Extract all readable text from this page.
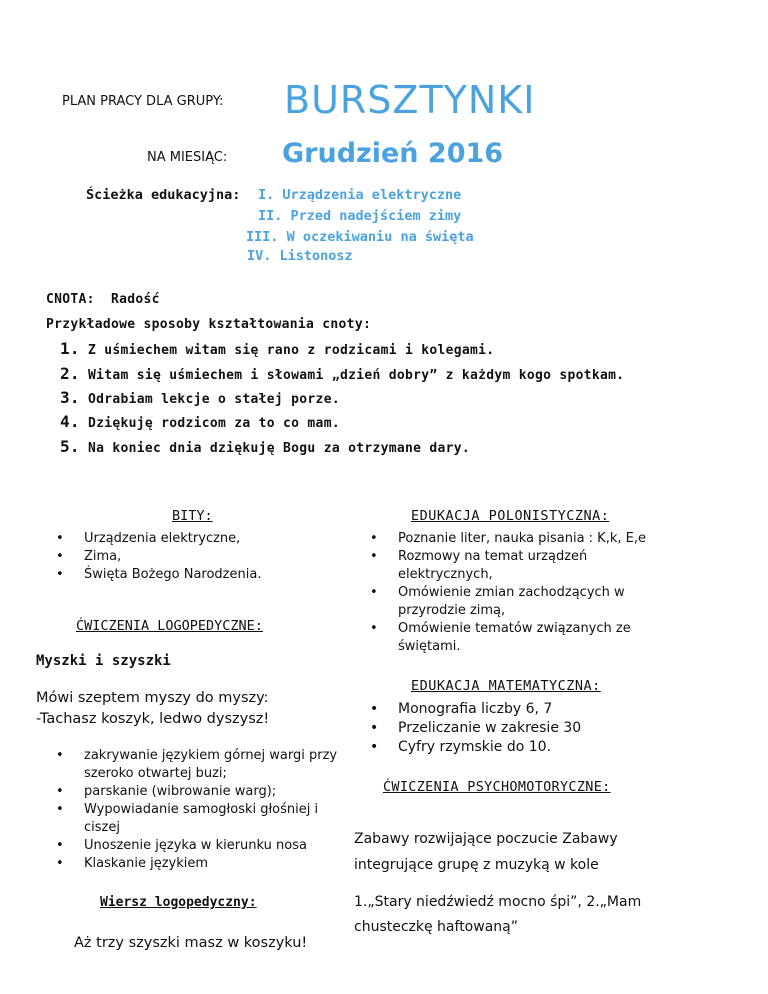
PLAN PRACY DLA GRUPY: BURSZTYNKI
NA MIESIĄC: Grudzień 2016
Ścieżka edukacyjna: I. Urządzenia elektryczne
II. Przed nadejściem zimy
III. W oczekiwaniu na święta
IV. Listonosz
CNOTA: Radość
Przykładowe sposoby kształtowania cnoty:
1. Z uśmiechem witam się rano z rodzicami i kolegami.
2. Witam się uśmiechem i słowami „dzień dobry” z każdym kogo spotkam.
3. Odrabiam lekcje o stałej porze.
4. Dziękuję rodzicom za to co mam.
5. Na koniec dnia dziękuję Bogu za otrzymane dary.
BITY:
• Urządzenia elektryczne,
• Zima,
• Święta Bożego Narodzenia.
ĆWICZENIA LOGOPEDYCZNE:
Myszki i szyszki
Mówi szeptem myszy do myszy:
-Tachasz koszyk, ledwo dyszysz!
• zakrywanie językiem górnej wargi przy
szeroko otwartej buzi;
• parskanie (wibrowanie warg);
• Wypowiadanie samogłoski głośniej i
ciszej
• Unoszenie języka w kierunku nosa
• Klaskanie językiem
Wiersz logopedyczny:
Aż trzy szyszki masz w koszyku!
EDUKACJA POLONISTYCZNA:
• Poznanie liter, nauka pisania : K,k, E,e
• Rozmowy na temat urządzeń
elektrycznych,
• Omówienie zmian zachodzących w
przyrodzie zimą,
• Omówienie tematów związanych ze
świętami.
EDUKACJA MATEMATYCZNA:
• Monografia liczby 6, 7
• Przeliczanie w zakresie 30
• Cyfry rzymskie do 10.
ĆWICZENIA PSYCHOMOTORYCZNE:
Zabawy rozwijające poczucie Zabawy
integrujące grupę z muzyką w kole
1.„Stary niedźwiedź mocno śpi”, 2.„Mam
chusteczkę haftowaną”
